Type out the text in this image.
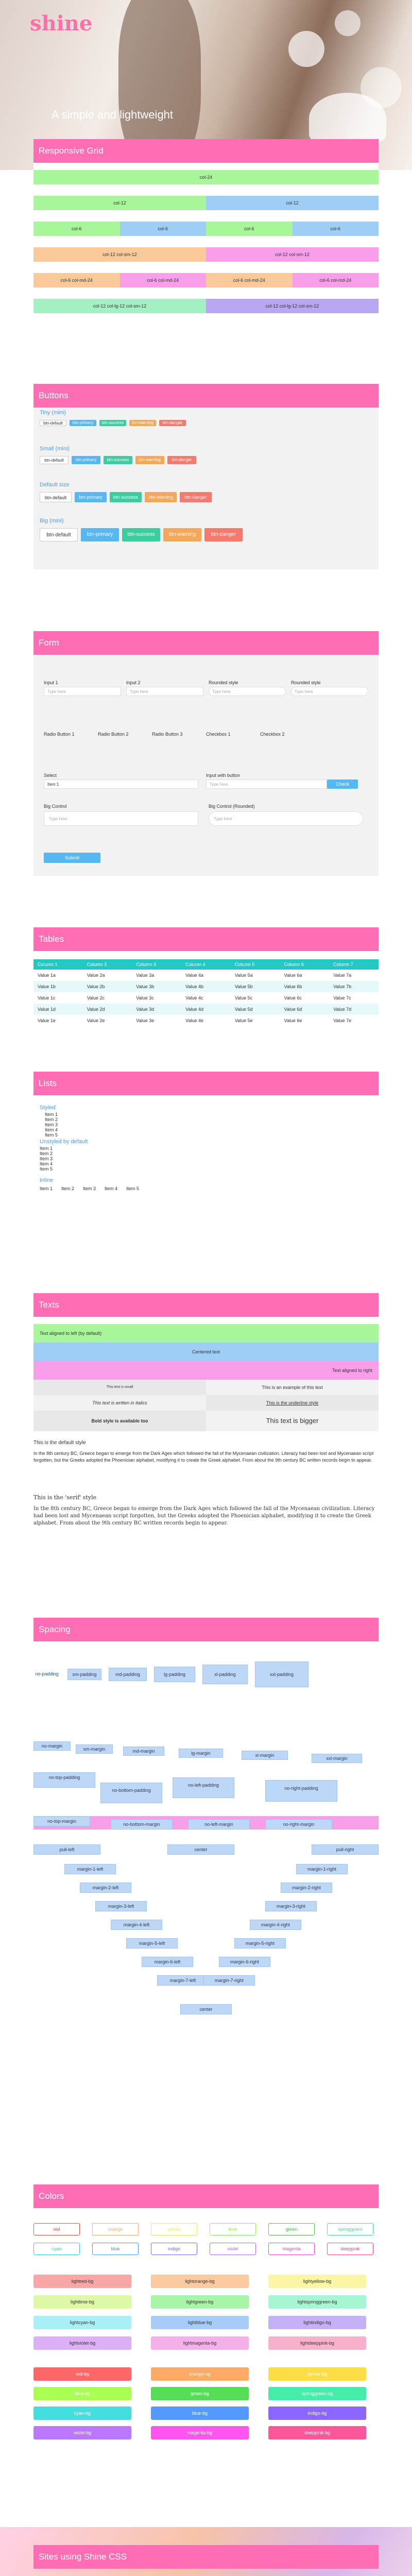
shine
A simple and lightweight
Responsive Grid
col-24
col-12	col-12
col-6	col-6	col-6	col-6
col-12 col-sm-12	col-12 col-sm-12
col-6 col-md-24	col-6 col-md-24	col-6 col-md-24	col-6 col-md-24
col-12 col-lg-12 col-sm-12	col-12 col-lg-12 col-sm-12
Buttons
Tiny (mini)
btn-default	btn-primary	btn-success	btn-warning	btn-danger
Small (mini)
btn-default	btn-primary	btn-success	btn-warning	btn-danger
Default size
btn-default	btn-primary	btn-success	btn-warning	btn-danger
Big (mini)
btn-default	btn-primary	btn-success	btn-warning	btn-danger
Form
Input 1
Type here
Input 2
Type here
Rounded style
Type here
Rounded style
Type here
Radio Button 1	Radio Button 2	Radio Button 3	Checkbox 1	Checkbox 2
Select
Item 1
Input with button
Type here	Check
Big Control
Type here
Big Control (Rounded)
Type here
Submit
Tables
Column 1	Column 2	Column 3	Column 4	Column 5	Column 6	Column 7
Value 1a	Value 2a	Value 3a	Value 4a	Value 5a	Value 6a	Value 7a
Value 1b	Value 2b	Value 3b	Value 4b	Value 5b	Value 6b	Value 7b
Value 1c	Value 2c	Value 3c	Value 4c	Value 5c	Value 6c	Value 7c
Value 1d	Value 2d	Value 3d	Value 4d	Value 5d	Value 6d	Value 7d
Value 1e	Value 2e	Value 3e	Value 4e	Value 5e	Value 6e	Value 7e
Lists
Styled
Item 1
Item 2
Item 3
Item 4
Item 5
Unstyled by default
Item 1
Item 2
Item 3
Item 4
Item 5
Inline
Item 1 Item 2 Item 3 Item 4 Item 5
Texts
Text aligned to left (by default)
Centered text
Text aligned to right
This text is small	This is an example of this text
This text is written in italics	This is the underline style
Bold style is available too	This text is bigger
This is the default style
In the 8th century BC, Greece began to emerge from the Dark Ages which followed the fall of the Mycenaean civilization. Literacy had been lost and Mycenaean script forgotten, but the Greeks adopted the Phoenician alphabet, modifying it to create the Greek alphabet. From about the 9th century BC written records begin to appear.
This is the 'serif' style
In the 8th century BC, Greece began to emerge from the Dark Ages which followed the fall of the Mycenaean civilization. Literacy had been lost and Mycenaean script forgotten, but the Greeks adopted the Phoenician alphabet, modifying it to create the Greek alphabet. From about the 9th century BC written records begin to appear.
Spacing
no-padding	sm-padding	md-padding	lg-padding	xl-padding	xxl-padding
no-margin
sm-margin	md-margin	lg-margin	xl-margin
xxl-margin
no-top-padding
no-bottom-padding
no-left-padding
no-right-padding
no-top-margin
no-bottom-margin	no-left-margin	no-right-margin
pull-left	center	pull-right
margin-1-left	margin-1-right
margin-2-left	margin-2-right
margin-3-left	margin-3-right
margin-4-left	margin-4-right
margin-5-left	margin-5-right
margin-6-left	margin-6-right
margin-7-left	margin-7-right
center
Colors
red	orange	yellow	lime	green	springgreen
cyan	blue	indigo	violet	magenta	deeppink
lightred-bg	lightorange-bg	lightyellow-bg
lightlime-bg	lightgreen-bg	lightspringgreen-bg
lightcyan-bg	lightblue-bg	lightindigo-bg
lightviolet-bg	lightmagenta-bg	lightdeeppink-bg
red-bg	orange-bg	yellow-bg
lime-bg	green-bg	springgreen-bg
cyan-bg	blue-bg	indigo-bg
violet-bg	magenta-bg	deeppink-bg
Sites using Shine CSS
